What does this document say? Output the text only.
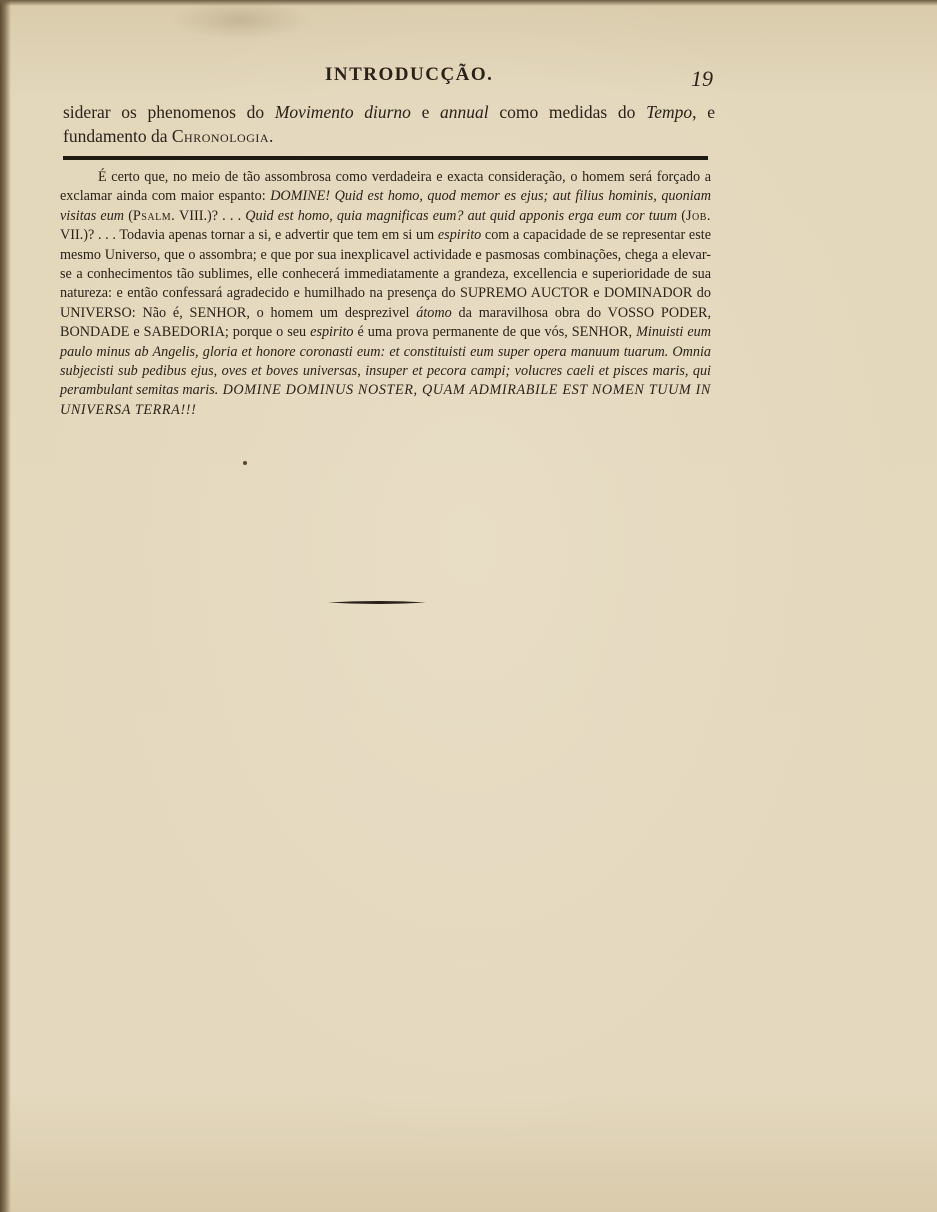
INTRODUCÇÃO.	19

siderar os phenomenos do Movimento diurno e annual como medidas do Tempo, e fundamento da Chronologia.

É certo que, no meio de tão assombrosa como verdadeira e exacta consideração, o homem será forçado a exclamar ainda com maior espanto: DOMINE! Quid est homo, quod memor es ejus; aut filius hominis, quoniam visitas eum (Psalm. VIII.)? . . . Quid est homo, quia magnificas eum? aut quid apponis erga eum cor tuum (Job. VII.)? . . . Todavia apenas tornar a si, e advertir que tem em si um espirito com a capacidade de se representar este mesmo Universo, que o assombra; e que por sua inexplicavel actividade e pasmosas combinações, chega a elevar-se a conhecimentos tão sublimes, elle conhecerá immediatamente a grandeza, excellencia e superioridade de sua natureza: e então confessará agradecido e humilhado na presença do SUPREMO AUCTOR e DOMINADOR do UNIVERSO: Não é, SENHOR, o homem um desprezivel átomo da maravilhosa obra do VOSSO PODER, BONDADE e SABEDORIA; porque o seu espirito é uma prova permanente de que vós, SENHOR, Minuisti eum paulo minus ab Angelis, gloria et honore coronasti eum: et constituisti eum super opera manuum tuarum. Omnia subjecisti sub pedibus ejus, oves et boves universas, insuper et pecora campi; volucres caeli et pisces maris, qui perambulant semitas maris. DOMINE DOMINUS NOSTER, QUAM ADMIRABILE EST NOMEN TUUM IN UNIVERSA TERRA!!!
